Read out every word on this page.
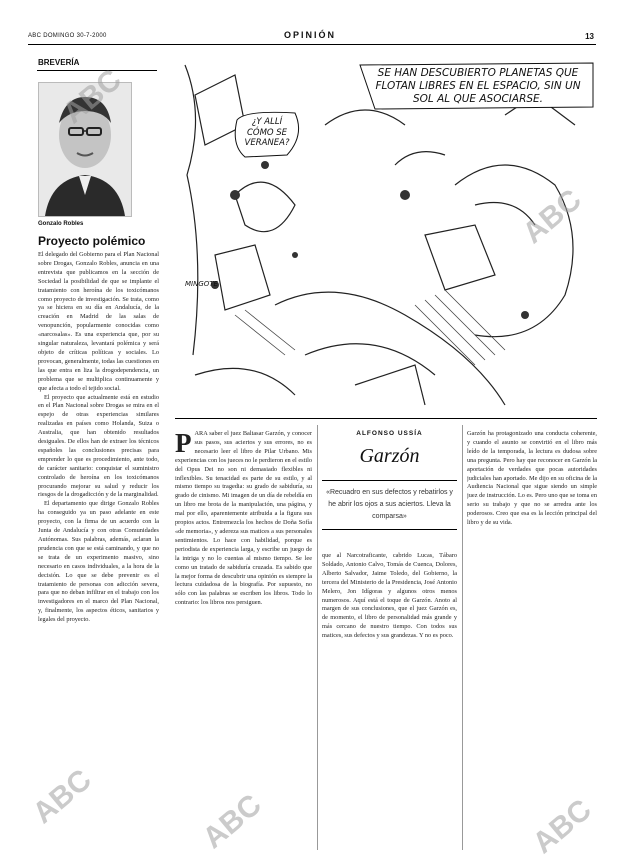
ABC DOMINGO 30-7-2000	OPINIÓN	13
BREVERÍA
Gonzalo Robles
Proyecto polémico

El delegado del Gobierno para el Plan Nacional sobre Drogas, Gonzalo Robles, anuncia en una entrevista que publicamos en la sección de Sociedad la posibilidad de que se implante el tratamiento con heroína de los toxicómanos como proyecto de investigación. Se trata, como ya se hiciera en su día en Andalucía, de la creación en Madrid de las salas de venopunción, popularmente conocidas como «narcosalas». Es una experiencia que, por su singular naturaleza, levantará polémica y será objeto de críticas políticas y sociales. Lo provocan, generalmente, todas las cuestiones en las que entra en liza la drogodependencia, un problema que se multiplica continuamente y que afecta a todo el tejido social.

El proyecto que actualmente está en estudio en el Plan Nacional sobre Drogas se mira en el espejo de otras experiencias similares realizadas en países como Holanda, Suiza o Australia, que han obtenido resultados desiguales. De ellos han de extraer los técnicos españoles las conclusiones precisas para emprender lo que es procedimiento, ante todo, de carácter sanitario: conquistar el suministro controlado de heroína en los toxicómanos procurando mejorar su salud y reducir los riesgos de la drogadicción y de la marginalidad.

El departamento que dirige Gonzalo Robles ha conseguido ya un paso adelante en este proyecto, con la firma de un acuerdo con la Junta de Andalucía y con otras Comunidades Autónomas. Sus palabras, además, aclaran la prudencia con que se está caminando, y que no se trata de un experimento masivo, sino necesario en casos individuales, a la hora de la decisión. Lo que se debe prevenir es el tratamiento de personas con adicción severa, para que no deban infiltrar en el trabajo con los investigadores en el marco del Plan Nacional, y, finalmente, los aspectos éticos, sanitarios y legales del proyecto.

SE HAN DESCUBIERTO PLANETAS QUE FLOTAN LIBRES EN EL ESPACIO, SIN UN SOL AL QUE ASOCIARSE.
¿Y ALLÍ CÓMO SE VERANEA?
MINGOTE
P ARA saber el juez Baltasar Garzón, y conocer sus pasos, sus aciertos y sus errores, no es necesario leer el libro de Pilar Urbano. Mis experiencias con los jueces no le perdieron en el estilo del Opus Dei no son ni demasiado flexibles ni inflexibles. Su tenacidad es parte de su estilo, y al mismo tiempo su tragedia: su grado de sabiduría, su grado de cinismo. Mi imagen de un día de rebeldía en un libro me brota de la manipulación, una página, y mal por ello, aparentemente atribuida a la figura sus propios actos. Entremezcla los hechos de Doña Sofía «de memoria», y adereza sus matices a sus personales sentimientos. Lo hace con habilidad, porque es periodista de experiencia larga, y escribe un juego de la intriga y no lo cuentas al mismo tiempo. Se lee como un tratado de sabiduría cruzada. Es sabido que la mejor forma de descubrir una opinión es siempre la lectura cuidadosa de la biografía. Por supuesto, no sólo con las palabras se escriben los libros. Todo lo contrario: los libros nos persiguen.
ALFONSO USSÍA
Garzón
«Recuadro en sus defectos y rebatirlos y he abrir los ojos a sus aciertos. Lleva la comparsa»

que al Narcotraficante, cabrido Lucas, Tábaro Soldado, Antonio Calvo, Tomás de Cuenca, Dolores, Alberto Salvador, Jaime Toledo, del Gobierno, la tercera del Ministerio de la Presidencia, José Antonio Melero, Jon Idígoras y algunos otros menos numerosos. Aquí está el toque de Garzón. Anoto al margen de sus conclusiones, que el juez Garzón es, de momento, el libro de personalidad más grande y más cercano de nuestro tiempo. Con todos sus matices, sus defectos y sus grandezas. Y no es poco.

Garzón ha protagonizado una conducta coherente, y cuando el asunto se convirtió en el libro más leído de la temporada, la lectura es dudosa sobre una pregunta. Pero hay que reconocer en Garzón la aportación de verdades que pocas autoridades judiciales han aportado. Me dijo en su oficina de la Audiencia Nacional que sigue siendo un simple juez de instrucción. Lo es. Pero uno que se toma en serio su trabajo y que no se arredra ante los poderosos. Creo que esa es la lección principal del libro y de su vida.

ABC
ABC
ABC
ABC
ABC
